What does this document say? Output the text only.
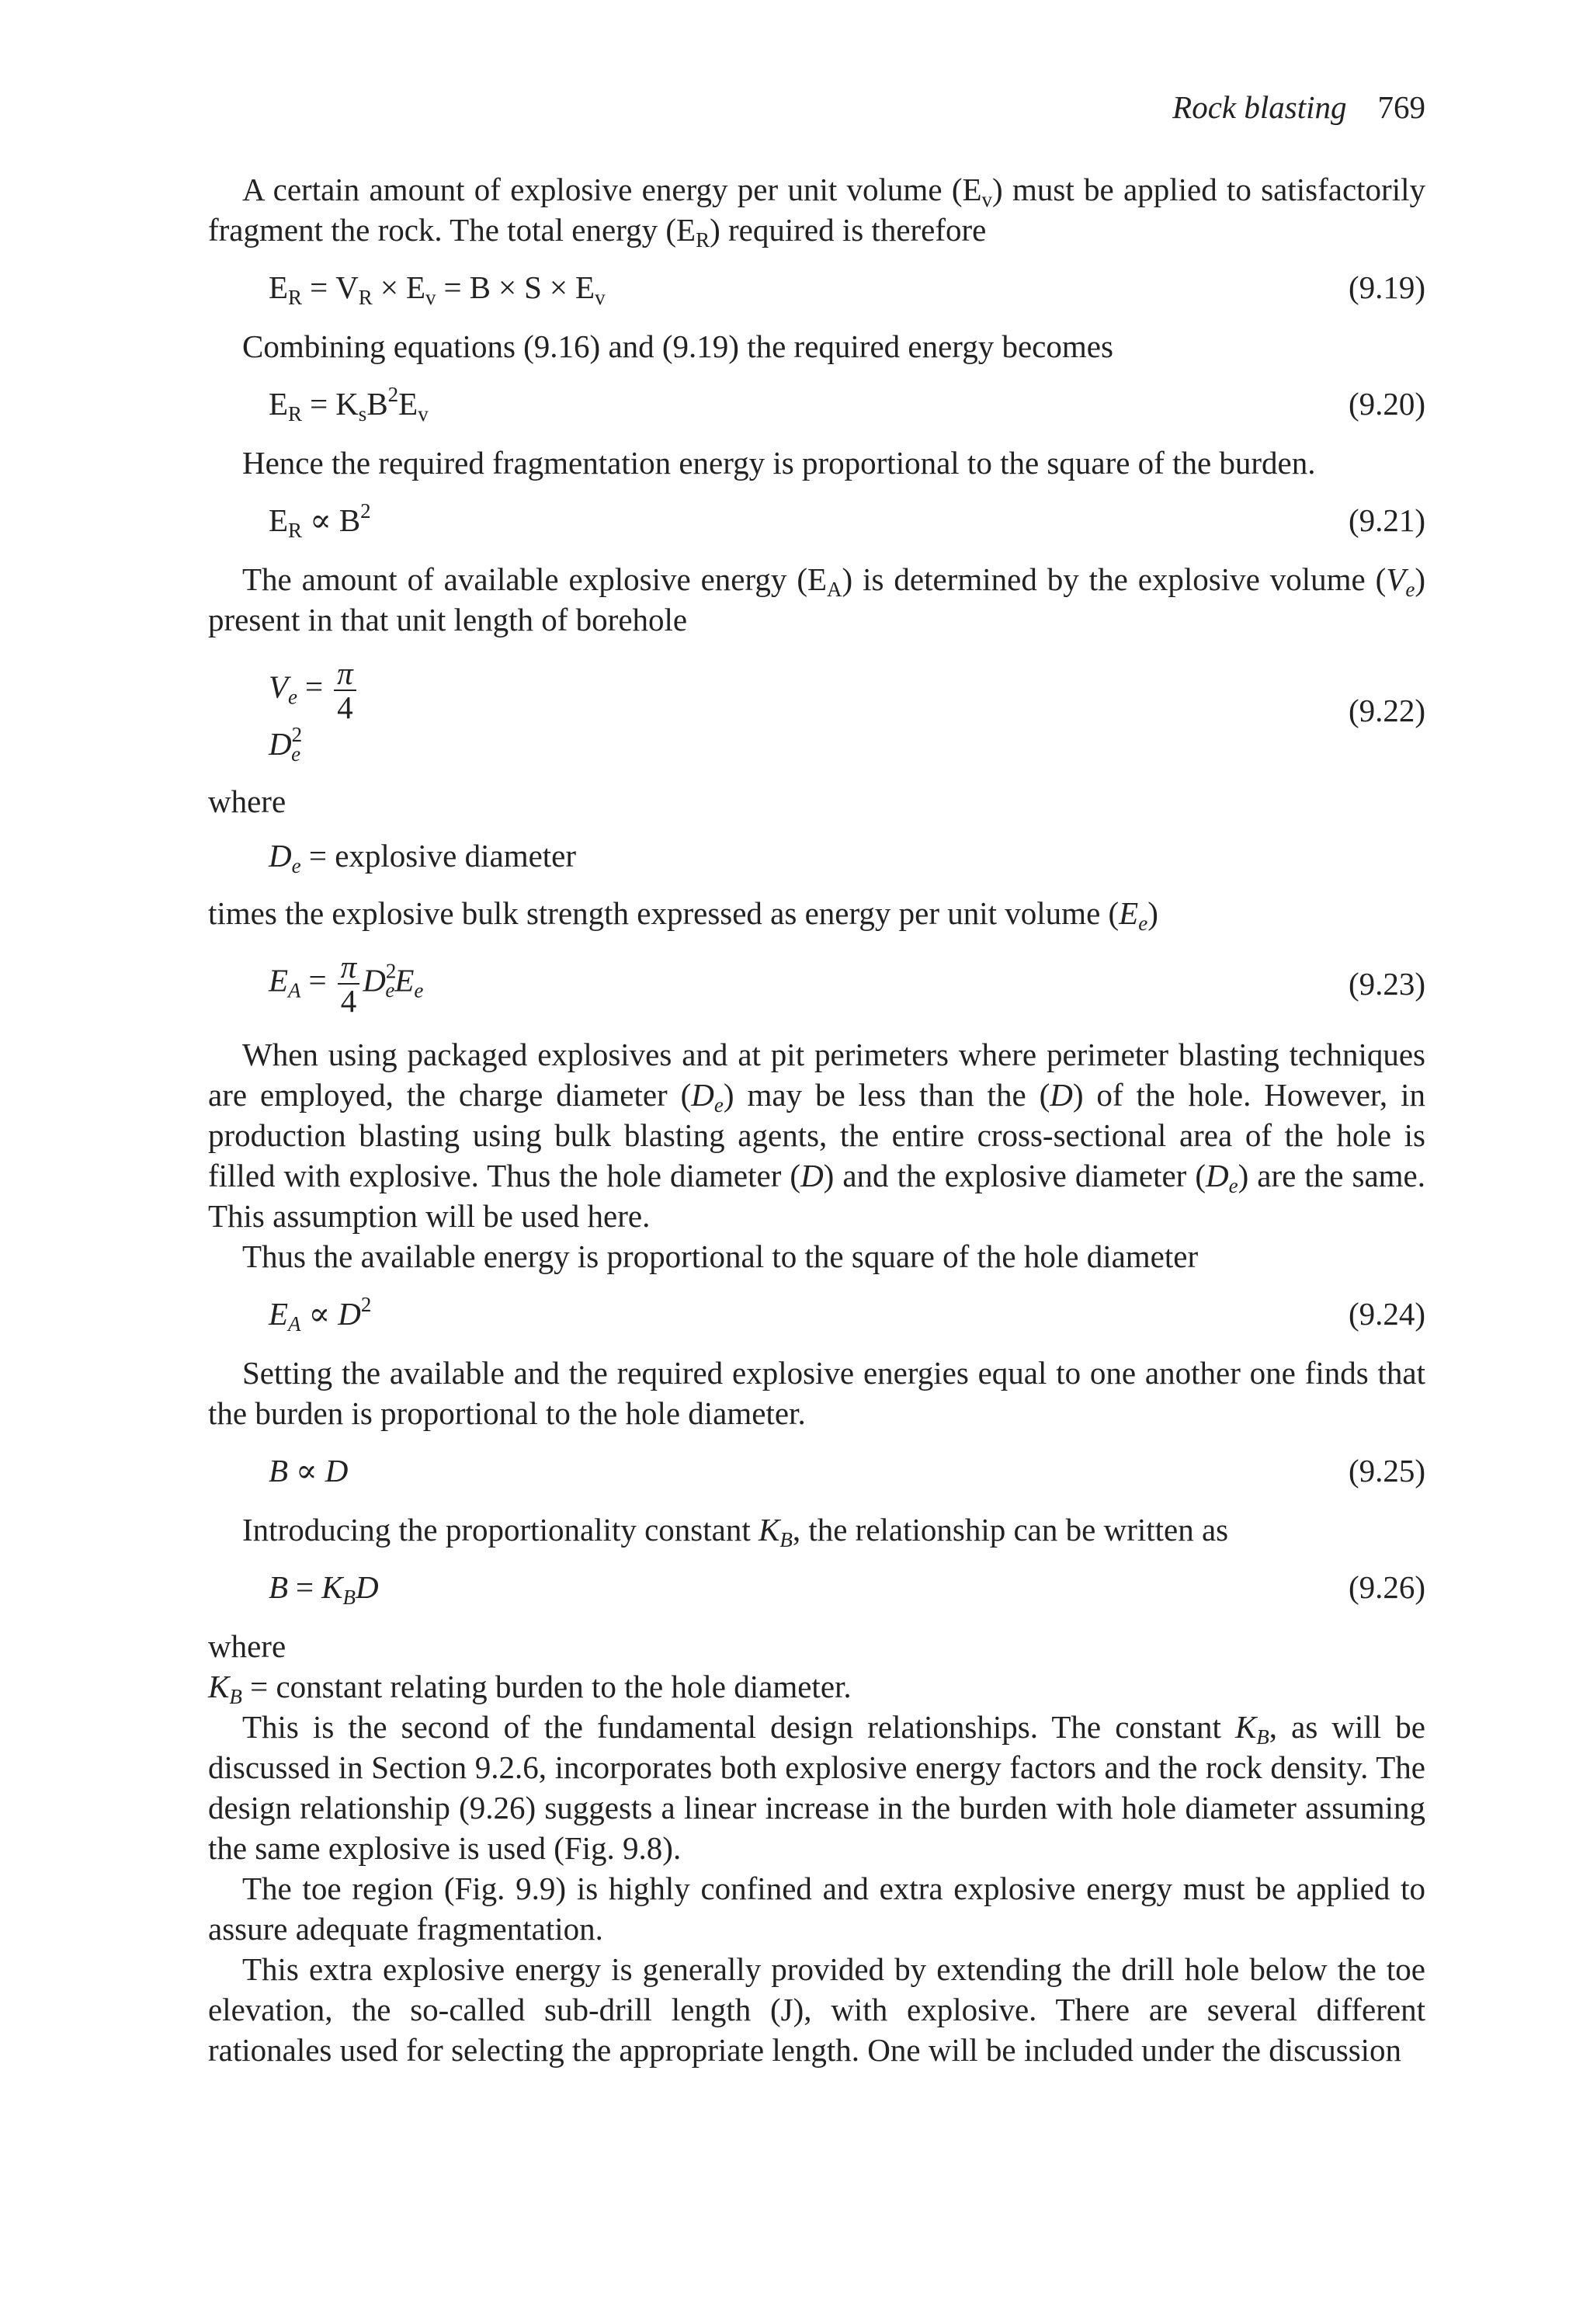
Rock blasting 769

A certain amount of explosive energy per unit volume $(E_v)$ must be applied to satisfactorily fragment the rock. The total energy $(E_R)$ required is therefore

$E_R = V_R \times E_v = B \times S \times E_v$	(9.19)

Combining equations (9.16) and (9.19) the required energy becomes

$E_R = K_sB^2E_v$	(9.20)

Hence the required fragmentation energy is proportional to the square of the burden.

$E_R \propto B^2$	(9.21)

The amount of available explosive energy $(E_A)$ is determined by the explosive volume $(V_e)$ present in that unit length of borehole

$V_e = \frac{\pi}{4}$
$D^2_e$
(9.22)

where

$D_e$ = explosive diameter

times the explosive bulk strength expressed as energy per unit volume $(E_e)$

$E_A = \frac{\pi}{4} D^2_eE_e$	(9.23)

When using packaged explosives and at pit perimeters where perimeter blasting techniques are employed, the charge diameter $(D_e)$ may be less than the (D) of the hole. However, in production blasting using bulk blasting agents, the entire cross-sectional area of the hole is filled with explosive. Thus the hole diameter (D) and the explosive diameter $(D_e)$ are the same. This assumption will be used here.

Thus the available energy is proportional to the square of the hole diameter

$E_A \propto D^2$	(9.24)

Setting the available and the required explosive energies equal to one another one finds that the burden is proportional to the hole diameter.

B ∝ D	(9.25)

Introducing the proportionality constant $K_B$, the relationship can be written as

$B = K_BD$	(9.26)

where

$K_B$ = constant relating burden to the hole diameter.

This is the second of the fundamental design relationships. The constant $K_B$, as will be discussed in Section 9.2.6, incorporates both explosive energy factors and the rock density. The design relationship (9.26) suggests a linear increase in the burden with hole diameter assuming the same explosive is used (Fig. 9.8).

The toe region (Fig. 9.9) is highly confined and extra explosive energy must be applied to assure adequate fragmentation.

This extra explosive energy is generally provided by extending the drill hole below the toe elevation, the so-called sub-drill length (J), with explosive. There are several different rationales used for selecting the appropriate length. One will be included under the discussion
